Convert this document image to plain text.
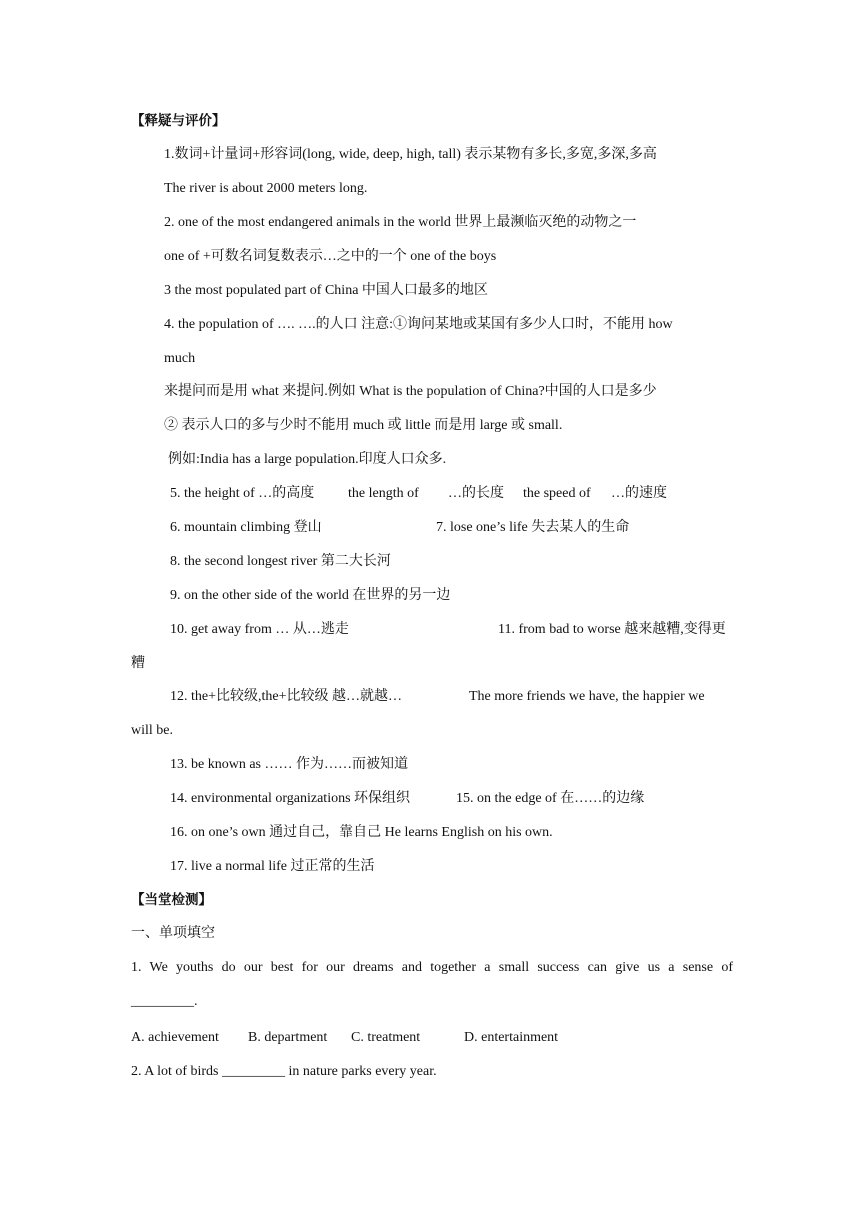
【释疑与评价】
1.数词+计量词+形容词(long, wide, deep, high, tall) 表示某物有多长,多宽,多深,多高
The river is about 2000 meters long.
2. one of the most endangered animals in the world 世界上最濒临灭绝的动物之一
one of +可数名词复数表示…之中的一个 one of the boys
3 the most populated part of China 中国人口最多的地区
4. the population of …. ….的人口 注意:①询问某地或某国有多少人口时，不能用 how
much
来提问而是用 what 来提问.例如 What is the population of China?中国的人口是多少
② 表示人口的多与少时不能用 much 或 little 而是用 large 或 small.
例如:India has a large population.印度人口众多.
5. the height of …的高度 the length of …的长度 the speed of …的速度
6. mountain climbing 登山	7. lose one’s life 失去某人的生命
8. the second longest river 第二大长河
9. on the other side of the world 在世界的另一边
10. get away from … 从…逃走	11. from bad to worse 越来越糟,变得更
糟
12. the+比较级,the+比较级 越…就越…	The more friends we have, the happier we
will be.
13. be known as …… 作为……而被知道
14. environmental organizations 环保组织	15. on the edge of 在……的边缘
16. on one’s own 通过自己，靠自己 He learns English on his own.
17. live a normal life 过正常的生活
【当堂检测】
一、单项填空
1. We youths do our best for our dreams and together a small success can give us a sense of
_________.
A. achievement B. department C. treatment	D. entertainment
2. A lot of birds _________ in nature parks every year.
